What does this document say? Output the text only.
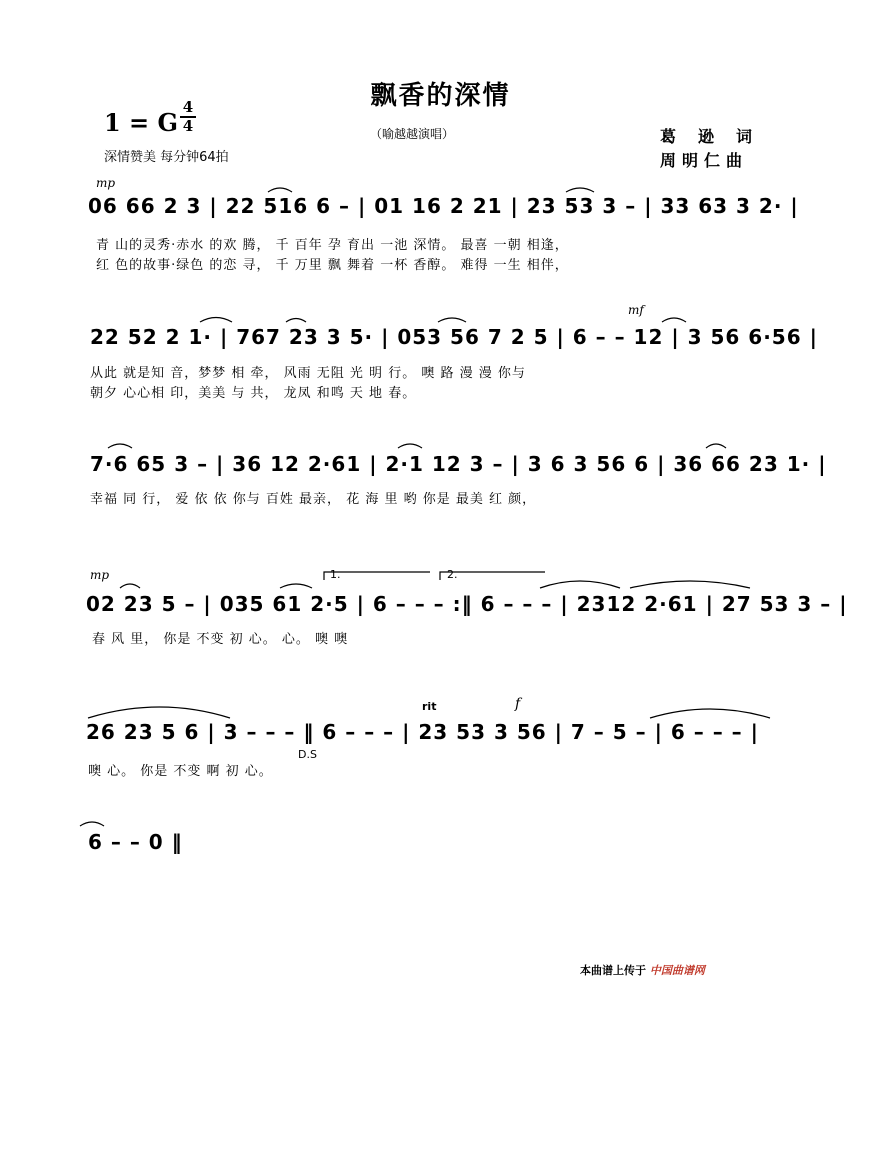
飘香的深情
1 = G
4
4
深情赞美 每分钟64拍
（喻越越演唱）	葛逊词
周明仁曲
mp
06 66 2 3 | 22 516 6 – | 01 16 2 21 | 23 53 3 – | 33 63 3 2· |
青 山的灵秀·赤水 的欢 腾， 千 百年 孕 育出 一池 深情。 最喜 一朝 相逢，
红 色的故事·绿色 的恋 寻， 千 万里 飘 舞着 一杯 香醇。 难得 一生 相伴，
mf
22 52 2 1· | 767 23 3 5· | 053 56 7 2 5 | 6 – – 12 | 3 56 6·56 |
从此 就是知 音，梦梦 相 牵， 风雨 无阻 光 明 行。 噢 路 漫 漫 你与
朝夕 心心相 印，美美 与 共， 龙凤 和鸣 天 地 春。
7·6 65 3 – | 36 12 2·61 | 2·1 12 3 – | 3 6 3 56 6 | 36 66 23 1· |
幸福 同 行， 爱 依 依 你与 百姓 最亲， 花 海 里 哟 你是 最美 红 颜，
mp	1.	2.
02 23 5 – | 035 61 2·5 | 6 – – – :‖ 6 – – – | 2312 2·61 | 27 53 3 – |
春 风 里， 你是 不变 初 心。 心。 噢 噢
rit	f
26 23 5 6 | 3 – – – ‖ 6 – – – | 23 53 3 56 | 7 – 5 – | 6 – – – |
D.S
噢 心。 你是 不变 啊 初 心。
6 – – 0 ‖
本曲谱上传于 中国曲谱网
